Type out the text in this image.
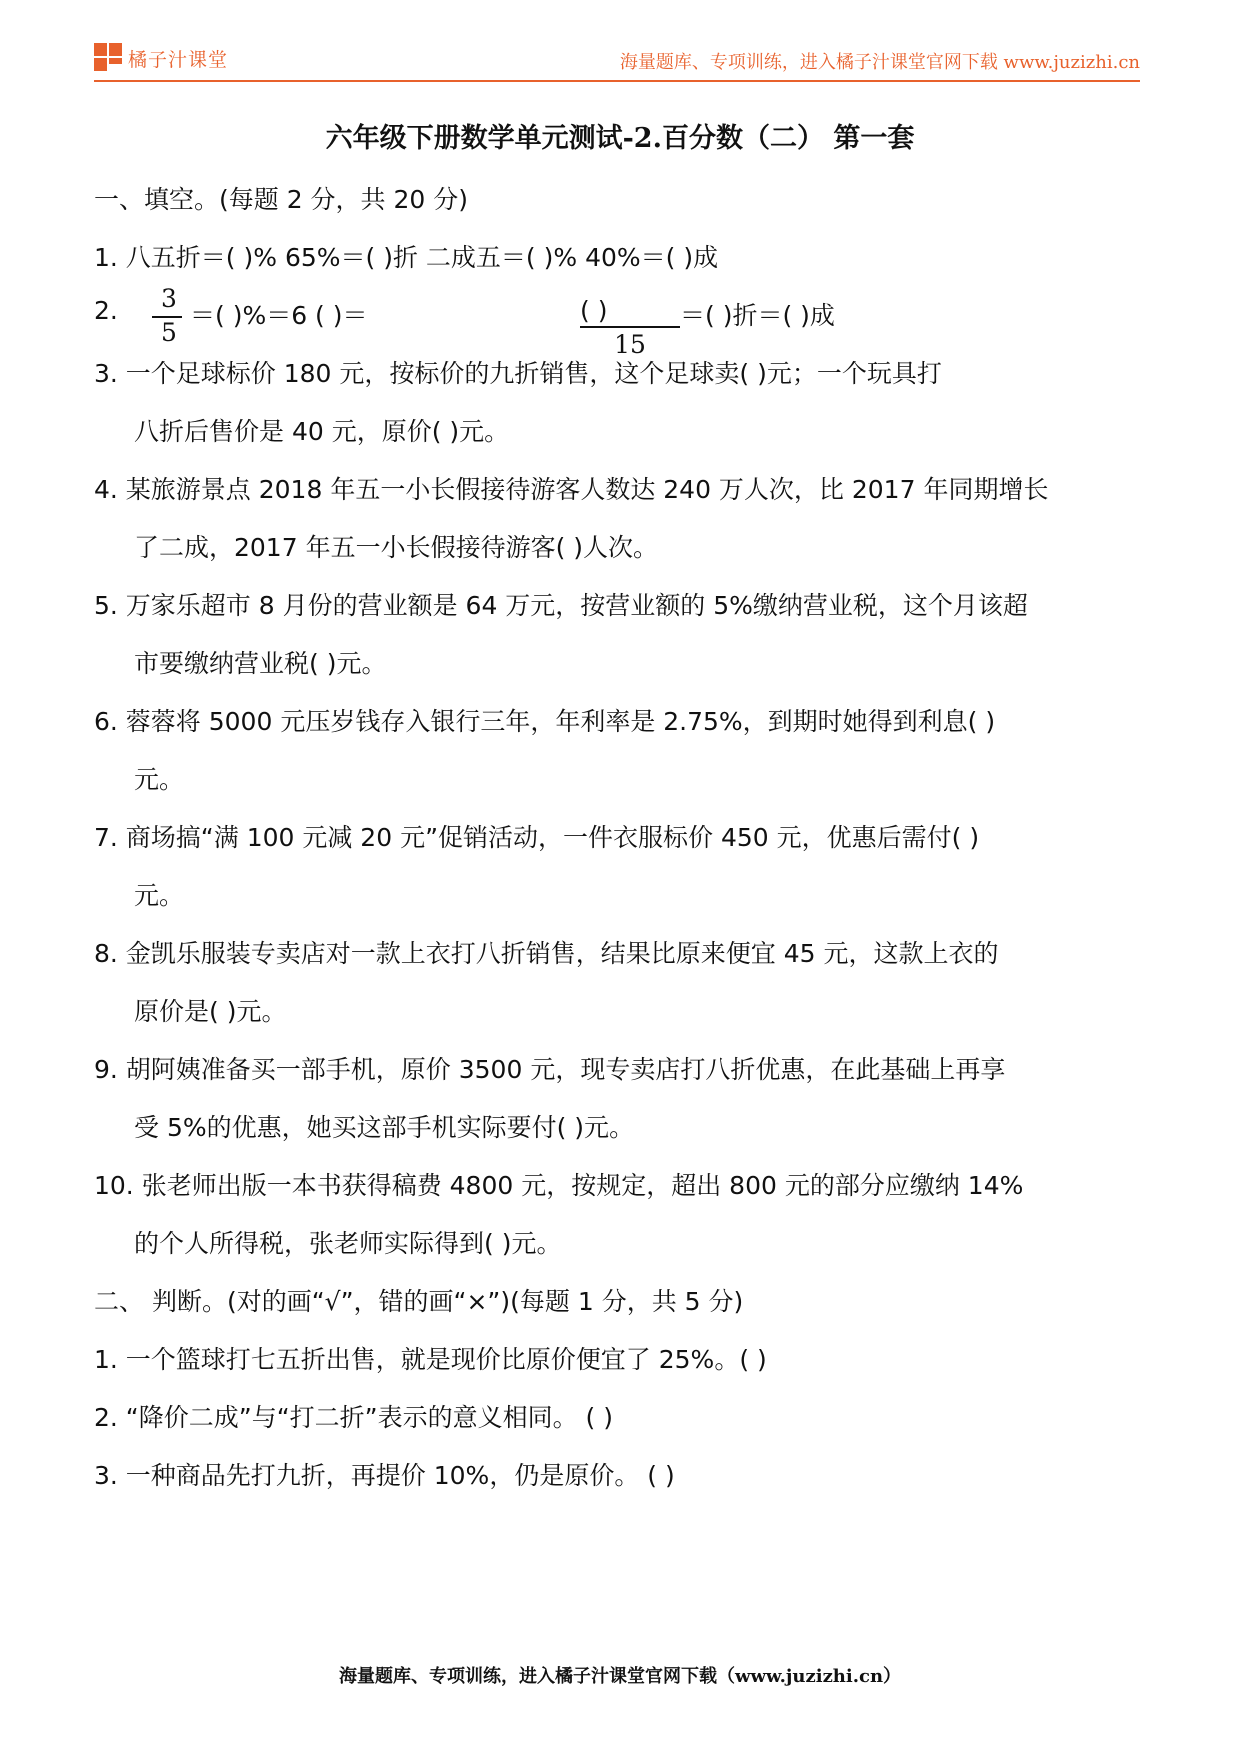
橘子汁课堂	海量题库、专项训练，进入橘子汁课堂官网下载 www.juzizhi.cn
六年级下册数学单元测试-2.百分数（二） 第一套
一、填空。(每题 2 分，共 20 分)
1. 八五折＝( )% 65%＝( )折 二成五＝( )% 40%＝( )成
2. 3
5
＝( )%＝6 ( )＝	( )
15
＝( )折＝( )成
3. 一个足球标价 180 元，按标价的九折销售，这个足球卖( )元；一个玩具打
八折后售价是 40 元，原价( )元。
4. 某旅游景点 2018 年五一小长假接待游客人数达 240 万人次，比 2017 年同期增长
了二成，2017 年五一小长假接待游客( )人次。
5. 万家乐超市 8 月份的营业额是 64 万元，按营业额的 5%缴纳营业税，这个月该超
市要缴纳营业税( )元。
6. 蓉蓉将 5000 元压岁钱存入银行三年，年利率是 2.75%，到期时她得到利息( )
元。
7. 商场搞“满 100 元减 20 元”促销活动，一件衣服标价 450 元，优惠后需付( )
元。
8. 金凯乐服装专卖店对一款上衣打八折销售，结果比原来便宜 45 元，这款上衣的
原价是( )元。
9. 胡阿姨准备买一部手机，原价 3500 元，现专卖店打八折优惠，在此基础上再享
受 5%的优惠，她买这部手机实际要付( )元。
10. 张老师出版一本书获得稿费 4800 元，按规定，超出 800 元的部分应缴纳 14%
的个人所得税，张老师实际得到( )元。
二、 判断。(对的画“√”，错的画“×”)(每题 1 分，共 5 分)
1. 一个篮球打七五折出售，就是现价比原价便宜了 25%。( )
2. “降价二成”与“打二折”表示的意义相同。 ( )
3. 一种商品先打九折，再提价 10%，仍是原价。 ( )
海量题库、专项训练，进入橘子汁课堂官网下载（www.juzizhi.cn）
